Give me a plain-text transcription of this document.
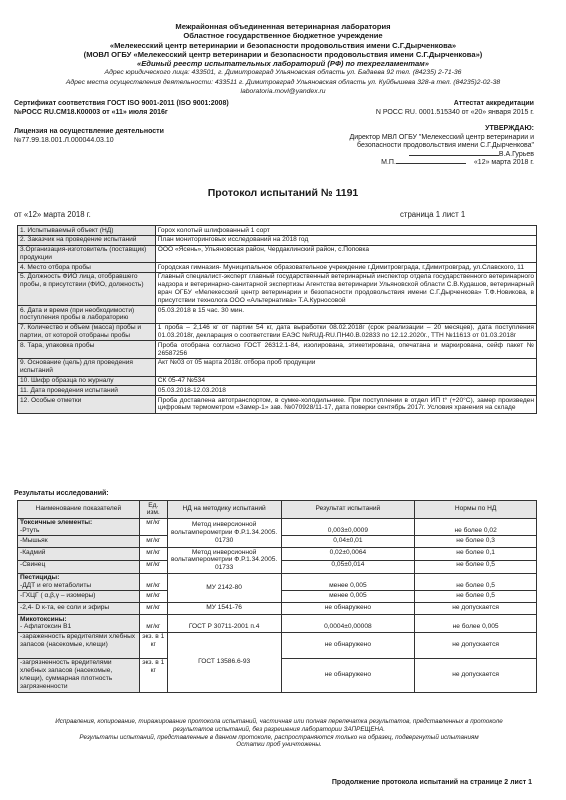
Межрайонная объединенная ветеринарная лаборатория
Областное государственное бюджетное учреждение
«Мелекесский центр ветеринарии и безопасности продовольствия имени С.Г.Дырченкова»
(МОВЛ ОГБУ «Мелекесский центр ветеринарии и безопасности продовольствия имени С.Г.Дырченкова»)
«Единый реестр испытательных лабораторий (РФ) по техрегламентам»
Адрес юридического лица: 433501, г. Димитровград Ульяновская область ул. Бадаева 92 тел. (84235) 2-71-36
Адрес места осуществления деятельности: 433511 г. Димитровград Ульяновская область ул. Куйбышева 328-а тел. (84235)2-02-38
laboratoria.movl@yandex.ru
Сертификат соответствия ГОСТ ISO 9001-2011 (ISO 9001:2008)
№РОСС RU.СМ18.К00003 от «11» июля 2016г
Аттестат аккредитации
N РОСС RU. 0001.515340 от «20» января 2015 г.
Лицензия на осуществление деятельности
№77.99.18.001.Л.000044.03.10
УТВЕРЖДАЮ:
Директор МВЛ ОГБУ "Мелекесский центр ветеринарии и
безопасности продовольствия имени С.Г.Дырченкова"
В.А.Гурьев
М.П.	«12» марта 2018 г.
Протокол испытаний № 1191
от «12» марта 2018 г.	страница 1 лист 1
1. Испытываемый объект (НД)	Горох колотый шлифованный 1 сорт
2. Заказчик на проведение испытаний	План мониторинговых исследований на 2018 год
3.Организация-изготовитель (поставщик) продукции	ООО «Ясень», Ульяновская район, Чердаклинский район, с.Поповка
4. Место отбора пробы	Городская гимназия- Муниципальное образовательное учреждение г.Димитровграда, г.Димитровград, ул.Славского, 11
5. Должность ФИО лица, отобравшего пробы, в присутствии (ФИО, должность)	Главный специалист-эксперт главный государственный ветеринарный инспектор отдела государственного ветеринарного надзора и ветеринарно-санитарной экспертизы Агентства ветеринарии Ульяновской области С.В.Кудашов, ветеринарный врач ОГБУ «Мелекесский центр ветеринарии и безопасности продовольствия имени С.Г.Дырченкова» Т.Ф.Новикова, в присутствии технолога ООО «Альтернатива» Т.А.Курносовой
6. Дата и время (при необходимости) поступления пробы в лабораторию	05.03.2018 в 15 час. 30 мин.
7. Количество и объем (масса) пробы и партии, от которой отобраны пробы	1 проба – 2,146 кг от партии 54 кг, дата выработки 08.02.2018г (срок реализации – 20 месяцев), дата поступления 01.03.2018г, декларация о соответствии ЕАЭС №RUД-RU.ПН40.В.02833 по 12.12.2020г., ТТН №11613 от 01.03.2018г
8. Тара, упаковка пробы	Проба отобрана согласно ГОСТ 26312.1-84, изолирована, этикетирована, опечатана и маркирована, сейф пакет № 26587256
9. Основание (цель) для проведения испытаний	Акт №03 от 05 марта 2018г. отбора проб продукции
10. Шифр образца по журналу	СК 05-47 №534
11. Дата проведения испытаний	05.03.2018-12.03.2018
12. Особые отметки	Проба доставлена автотранспортом, в сумке-холодильнике. При поступлении в отдел ИП t° (+20°С), замер произведен цифровым термометром «Замер-1» зав. №070928/11-17, дата поверки сентябрь 2017г. Условия хранения на складе
Результаты исследований:
Наименование показателей	Ед. изм.	НД на методику испытаний	Результат испытаний	Нормы по НД

Токсичные элементы:
-Ртуть	мг/кг	Метод инверсионной вольтамперометрии Ф.Р.1.34.2005. 01730	0,003±0,0009	не более 0,02
-Мышьяк	мг/кг		0,04±0,01	не более 0,3
-Кадмий	мг/кг	Метод инверсионной вольтамперометрии Ф.Р.1.34.2005. 01733	0,02±0,0064	не более 0,1
-Свинец	мг/кг		0,05±0,014	не более 0,5

Пестициды:
-ДДТ и его метаболиты	мг/кг	МУ 2142-80	менее 0,005	не более 0,5
-ГХЦГ ( α,β,γ – изомеры)	мг/кг		менее 0,005	не более 0,5
-2,4- D к-та, ее соли и эфиры	мг/кг	МУ 1541-76	не обнаружено	не допускается

Микотоксины:
- Афлатоксин В1	мг/кг	ГОСТ Р 30711-2001 п.4	0,0004±0,00008	не более 0,005
-зараженность вредителями хлебных запасов (насекомые, клещи)	экз. в 1 кг	ГОСТ 13586.6-93	не обнаружено	не допускается
-загрязненность вредителями хлебных запасов (насекомые, клещи), суммарная плотность загрязненности	экз. в 1 кг		не обнаружено	не допускается
Исправления, копирование, тиражирование протокола испытаний, частичная или полная перепечатка результатов, представленных в протоколе
результатов испытаний, без разрешения лаборатории ЗАПРЕЩЕНА.
Результаты испытаний, представленные в данном протоколе, распространяются только на образец, подвергнутый испытаниям
Остатки проб уничтожены.
Продолжение протокола испытаний на странице 2 лист 1
